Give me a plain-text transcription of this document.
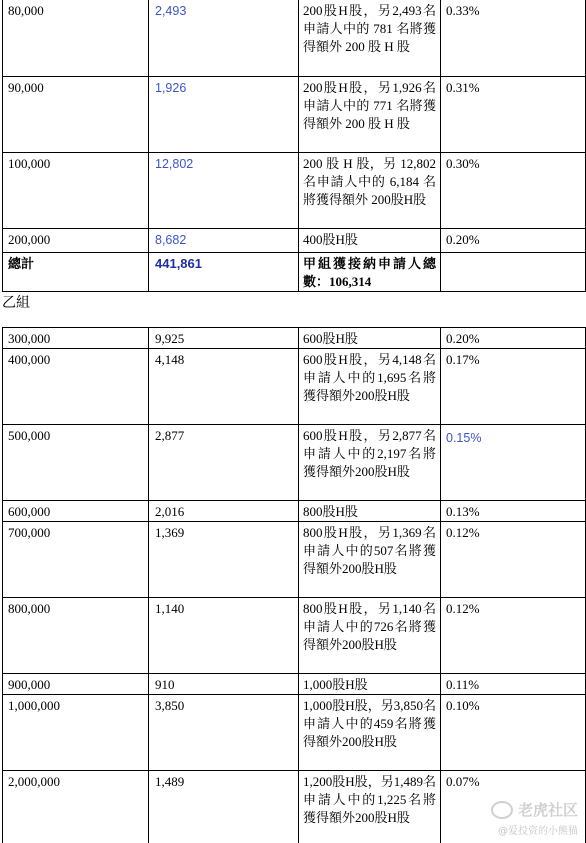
80,000	2,493	200股H股，另2,493名申請人中的 781 名將獲得額外 200 股 H 股	0.33%
90,000	1,926	200股H股，另1,926名申請人中的 771 名將獲得額外 200 股 H 股	0.31%
100,000	12,802	200 股 H 股，另 12,802 名申請人中的 6,184 名將獲得額外 200股H股	0.30%
200,000	8,682	400股H股	0.20%
總計	441,861	甲組獲接納申請人總數：106,314	
乙組
300,000	9,925	600股H股	0.20%
400,000	4,148	600股H股，另4,148名申請人中的1,695名將獲得額外200股H股	0.17%
500,000	2,877	600股H股，另2,877名申請人中的2,197名將獲得額外200股H股	0.15%
600,000	2,016	800股H股	0.13%
700,000	1,369	800股H股，另1,369名申請人中的507名將獲得額外200股H股	0.12%
800,000	1,140	800股H股，另1,140名申請人中的726名將獲得額外200股H股	0.12%
900,000	910	1,000股H股	0.11%
1,000,000	3,850	1,000股H股，另3,850名申請人中的459名將獲得額外200股H股	0.10%
2,000,000	1,489	1,200股H股，另1,489名申請人中的1,225名將獲得額外200股H股	0.07%
老虎社区
@爱投资的小熊猫
